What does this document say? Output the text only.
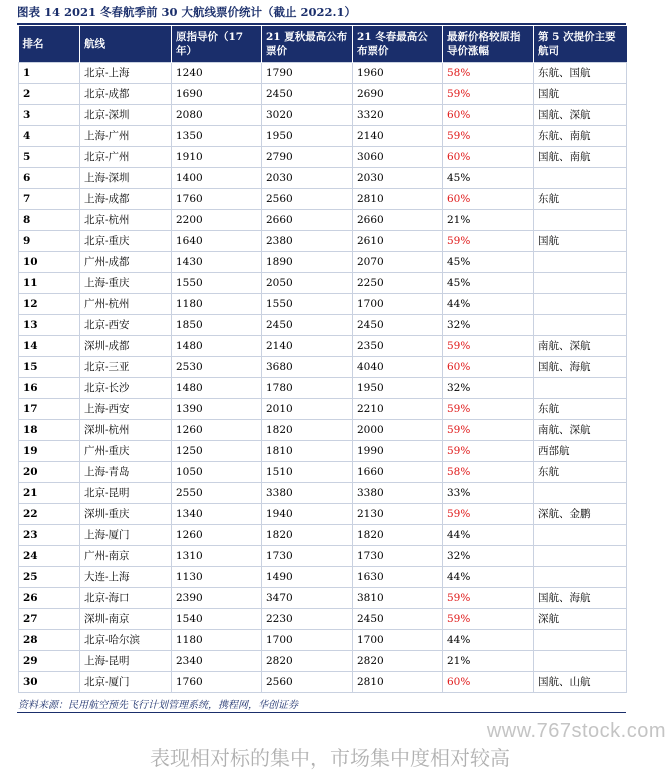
图表 14 2021 冬春航季前 30 大航线票价统计（截止 2022.1）
排名	航线	原指导价（17年）	21 夏秋最高公布票价	21 冬春最高公布票价	最新价格较原指导价涨幅	第 5 次提价主要航司
1	北京-上海	1240	1790	1960	58%	东航、国航
2	北京-成都	1690	2450	2690	59%	国航
3	北京-深圳	2080	3020	3320	60%	国航、深航
4	上海-广州	1350	1950	2140	59%	东航、南航
5	北京-广州	1910	2790	3060	60%	国航、南航
6	上海-深圳	1400	2030	2030	45%	
7	上海-成都	1760	2560	2810	60%	东航
8	北京-杭州	2200	2660	2660	21%	
9	北京-重庆	1640	2380	2610	59%	国航
10	广州-成都	1430	1890	2070	45%	
11	上海-重庆	1550	2050	2250	45%	
12	广州-杭州	1180	1550	1700	44%	
13	北京-西安	1850	2450	2450	32%	
14	深圳-成都	1480	2140	2350	59%	南航、深航
15	北京-三亚	2530	3680	4040	60%	国航、海航
16	北京-长沙	1480	1780	1950	32%	
17	上海-西安	1390	2010	2210	59%	东航
18	深圳-杭州	1260	1820	2000	59%	南航、深航
19	广州-重庆	1250	1810	1990	59%	西部航
20	上海-青岛	1050	1510	1660	58%	东航
21	北京-昆明	2550	3380	3380	33%	
22	深圳-重庆	1340	1940	2130	59%	深航、金鹏
23	上海-厦门	1260	1820	1820	44%	
24	广州-南京	1310	1730	1730	32%	
25	大连-上海	1130	1490	1630	44%	
26	北京-海口	2390	3470	3810	59%	国航、海航
27	深圳-南京	1540	2230	2450	59%	深航
28	北京-哈尔滨	1180	1700	1700	44%	
29	上海-昆明	2340	2820	2820	21%	
30	北京-厦门	1760	2560	2810	60%	国航、山航
资料来源：民用航空预先飞行计划管理系统，携程网，华创证券
www.767stock.com
表现相对标的集中，市场集中度相对较高
